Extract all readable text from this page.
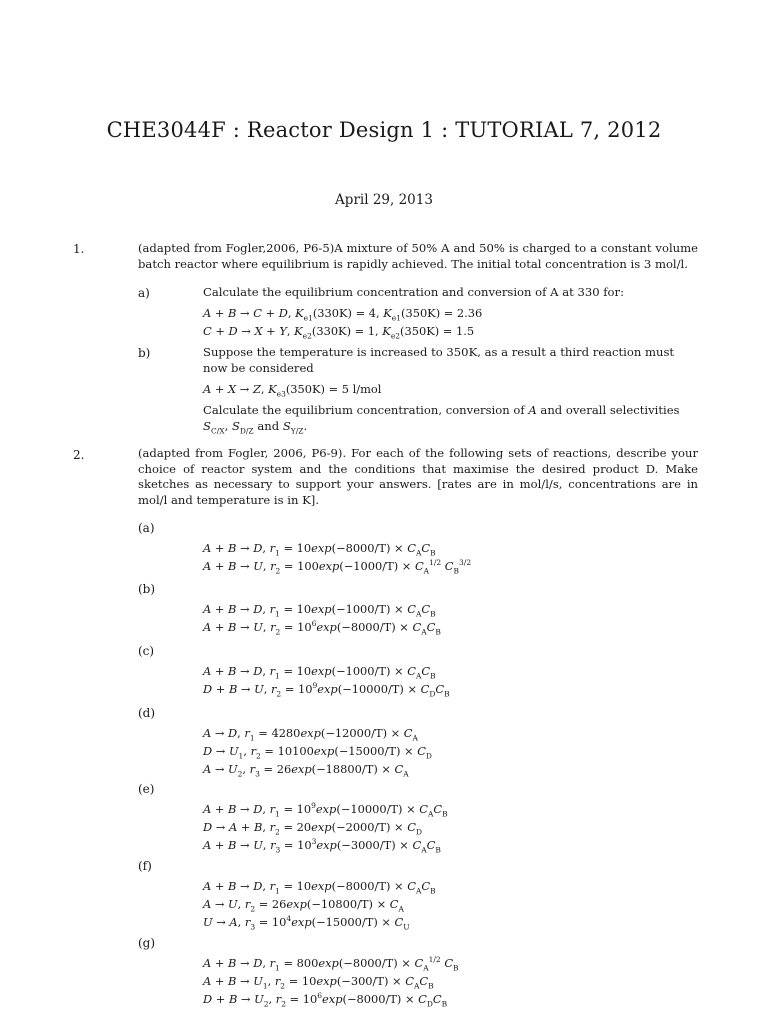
CHE3044F : Reactor Design 1 : TUTORIAL 7, 2012
April 29, 2013
1.	(adapted from Fogler,2006, P6-5)A mixture of 50% A and 50% is charged to a constant volume batch reactor where equilibrium is rapidly achieved. The initial total concentration is 3 mol/l.
a)	Calculate the equilibrium concentration and conversion of A at 330 for:
A + B → C + D, $K_{e1}(330K) = 4$, $K_{e1}(350K) = 2.36$
C + D → X + Y, $K_{e2}(330K) = 1$, $K_{e2}(350K) = 1.5$
b)	Suppose the temperature is increased to 350K, as a result a third reaction must now be considered
A + X → Z, $K_{e3}(350K) = 5$ l/mol
Calculate the equilibrium concentration, conversion of A and overall selectivities $S_{C/X}$, $S_{D/Z}$ and $S_{Y/Z}$.
2.	(adapted from Fogler, 2006, P6-9). For each of the following sets of reactions, describe your choice of reactor system and the conditions that maximise the desired product D. Make sketches as necessary to support your answers. [rates are in mol/l/s, concentrations are in mol/l and temperature is in K].
(a)
A + B → D, $r_1 = 10\exp(-8000/T) \times C_AC_B$
A + B → U, $r_2 = 100\exp(-1000/T) \times C_A^{1/2}$ $C_B^{3/2}$
(b)
A + B → D, $r_1 = 10\exp(-1000/T) \times C_AC_B$
A + B → U, $r_2 = 10^6\exp(-8000/T) \times C_AC_B$
(c)
A + B → D, $r_1 = 10\exp(-1000/T) \times C_AC_B$
D + B → U, $r_2 = 10^9\exp(-10000/T) \times C_DC_B$
(d)
A → D, $r_1 = 4280\exp(-12000/T) \times C_A$
$D \to U_1$, $r_2 = 10100\exp(-15000/T) \times C_D$
$A \to U_2$, $r_3 = 26\exp(-18800/T) \times C_A$
(e)
A + B → D, $r_1 = 10^9\exp(-10000/T) \times C_AC_B$
D → A + B, $r_2 = 20\exp(-2000/T) \times C_D$
A + B → U, $r_3 = 10^3\exp(-3000/T) \times C_AC_B$
(f)
A + B → D, $r_1 = 10\exp(-8000/T) \times C_AC_B$
A → U, $r_2 = 26\exp(-10800/T) \times C_A$
U → A, $r_3 = 10^4\exp(-15000/T) \times C_U$
(g)
A + B → D, $r_1 = 800\exp(-8000/T) \times C_A^{1/2}$ $C_B$
$A + B \to U_1$, $r_2 = 10\exp(-300/T) \times C_AC_B$
$D + B \to U_2$, $r_2 = 10^6\exp(-8000/T) \times C_DC_B$
